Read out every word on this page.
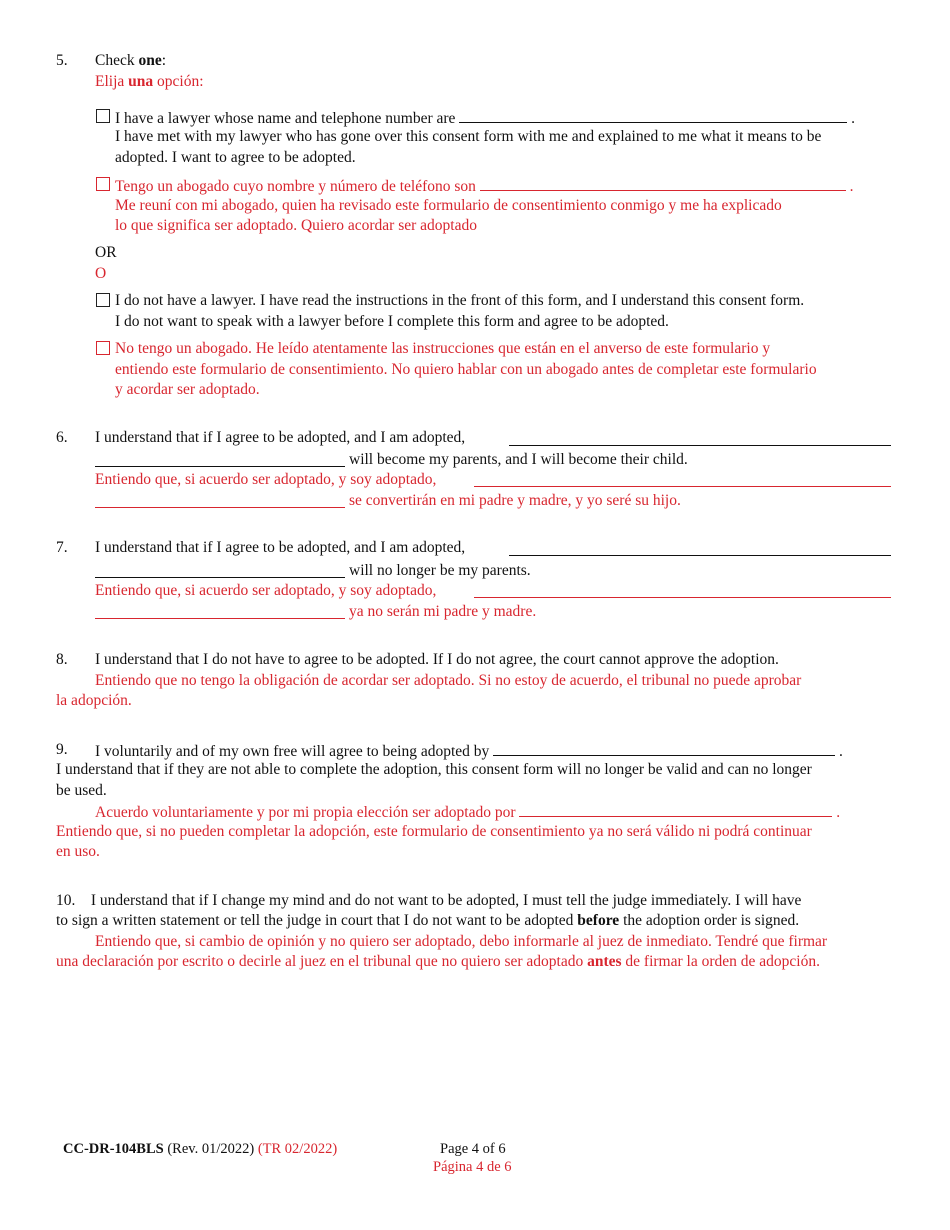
5. Check one:
Elija una opción:
I have a lawyer whose name and telephone number are	.
I have met with my lawyer who has gone over this consent form with me and explained to me what it means to be
adopted. I want to agree to be adopted.
Tengo un abogado cuyo nombre y número de teléfono son	.
Me reuní con mi abogado, quien ha revisado este formulario de consentimiento conmigo y me ha explicado
lo que significa ser adoptado. Quiero acordar ser adoptado
OR
O
I do not have a lawyer. I have read the instructions in the front of this form, and I understand this consent form.
I do not want to speak with a lawyer before I complete this form and agree to be adopted.
No tengo un abogado. He leído atentamente las instrucciones que están en el anverso de este formulario y
entiendo este formulario de consentimiento. No quiero hablar con un abogado antes de completar este formulario
y acordar ser adoptado.
6. I understand that if I agree to be adopted, and I am adopted,
will become my parents, and I will become their child.
Entiendo que, si acuerdo ser adoptado, y soy adoptado,
se convertirán en mi padre y madre, y yo seré su hijo.
7. I understand that if I agree to be adopted, and I am adopted,
will no longer be my parents.
Entiendo que, si acuerdo ser adoptado, y soy adoptado,
ya no serán mi padre y madre.
8. I understand that I do not have to agree to be adopted. If I do not agree, the court cannot approve the adoption.
Entiendo que no tengo la obligación de acordar ser adoptado. Si no estoy de acuerdo, el tribunal no puede aprobar
la adopción.
9. I voluntarily and of my own free will agree to being adopted by	.
I understand that if they are not able to complete the adoption, this consent form will no longer be valid and can no longer
be used.
Acuerdo voluntariamente y por mi propia elección ser adoptado por	.
Entiendo que, si no pueden completar la adopción, este formulario de consentimiento ya no será válido ni podrá continuar
en uso.
10. I understand that if I change my mind and do not want to be adopted, I must tell the judge immediately. I will have
to sign a written statement or tell the judge in court that I do not want to be adopted before the adoption order is signed.
Entiendo que, si cambio de opinión y no quiero ser adoptado, debo informarle al juez de inmediato. Tendré que firmar
una declaración por escrito o decirle al juez en el tribunal que no quiero ser adoptado antes de firmar la orden de adopción.
CC-DR-104BLS (Rev. 01/2022) (TR 02/2022)	Page 4 of 6
Página 4 de 6
